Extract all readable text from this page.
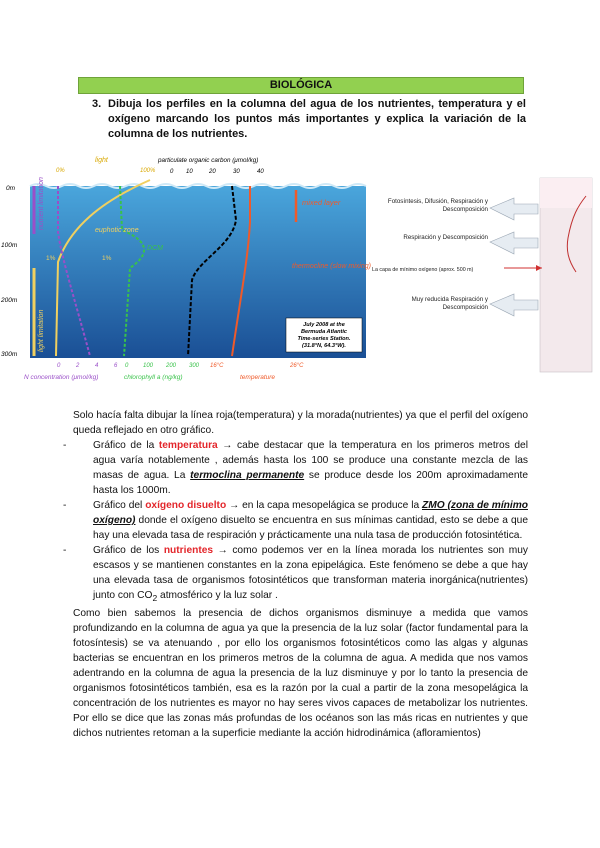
BIOLÓGICA
3. Dibuja los perfiles en la columna del agua de los nutrientes, temperatura y el oxígeno marcando los puntos más importantes y explica la variación de la columna de los nutrientes.
light
0%	100%
particulate organic carbon (μmol/kg)
0 10	20	30	40
0m
100m
200m
300m
nutrient limitation
light limitation
euphotic zone
DCM
1%	1%
mixed layer
thermocline (slow mixing)
July 2008 at the
Bermuda Atlantic
Time-series Station.
(31.8°N, 64.3°W).
0	2	4	6
N concentration (μmol/kg)
0 100 200 300
chlorophyll a (ng/kg)
16°C	26°C
temperature
Fotosíntesis, Difusión, Respiración y Descomposición
Respiración y Descomposición
La capa de mínimo oxígeno (aprox. 500 m)
Muy reducida Respiración y Descomposición

Solo hacía falta dibujar la línea roja(temperatura) y la morada(nutrientes) ya que el perfil del oxígeno queda reflejado en otro gráfico.

- Gráfico de la temperatura → cabe destacar que la temperatura en los primeros metros del agua varía notablemente , además hasta los 100 se produce una constante mezcla de las masas de agua. La termoclina permanente se produce desde los 200m aproximadamente hasta los 1000m.
- Gráfico del oxígeno disuelto → en la capa mesopelágica se produce la ZMO (zona de mínimo oxígeno) donde el oxígeno disuelto se encuentra en sus mínimas cantidad, esto se debe a que hay una elevada tasa de respiración y prácticamente una nula tasa de producción fotosintética.
- Gráfico de los nutrientes → como podemos ver en la línea morada los nutrientes son muy escasos y se mantienen constantes en la zona epipelágica. Este fenómeno se debe a que hay una elevada tasa de organismos fotosintéticos que transforman materia inorgánica(nutrientes) junto con $CO_2$ atmosférico y la luz solar .

Como bien sabemos la presencia de dichos organismos disminuye a medida que vamos profundizando en la columna de agua ya que la presencia de la luz solar (factor fundamental para la fotosíntesis) se va atenuando , por ello los organismos fotosintéticos como las algas y algunas bacterias se encuentran en los primeros metros de la columna de agua. A medida que nos vamos adentrando en la columna de agua la presencia de la luz disminuye y por lo tanto la presencia de organismos fotosintéticos también, esa es la razón por la cual a partir de la zona mesopelágica la concentración de los nutrientes es mayor no hay seres vivos capaces de metabolizar los nutrientes. Por ello se dice que las zonas más profundas de los océanos son las más ricas en nutrientes y que dichos nutrientes retoman a la superficie mediante la acción hidrodinámica (afloramientos)
